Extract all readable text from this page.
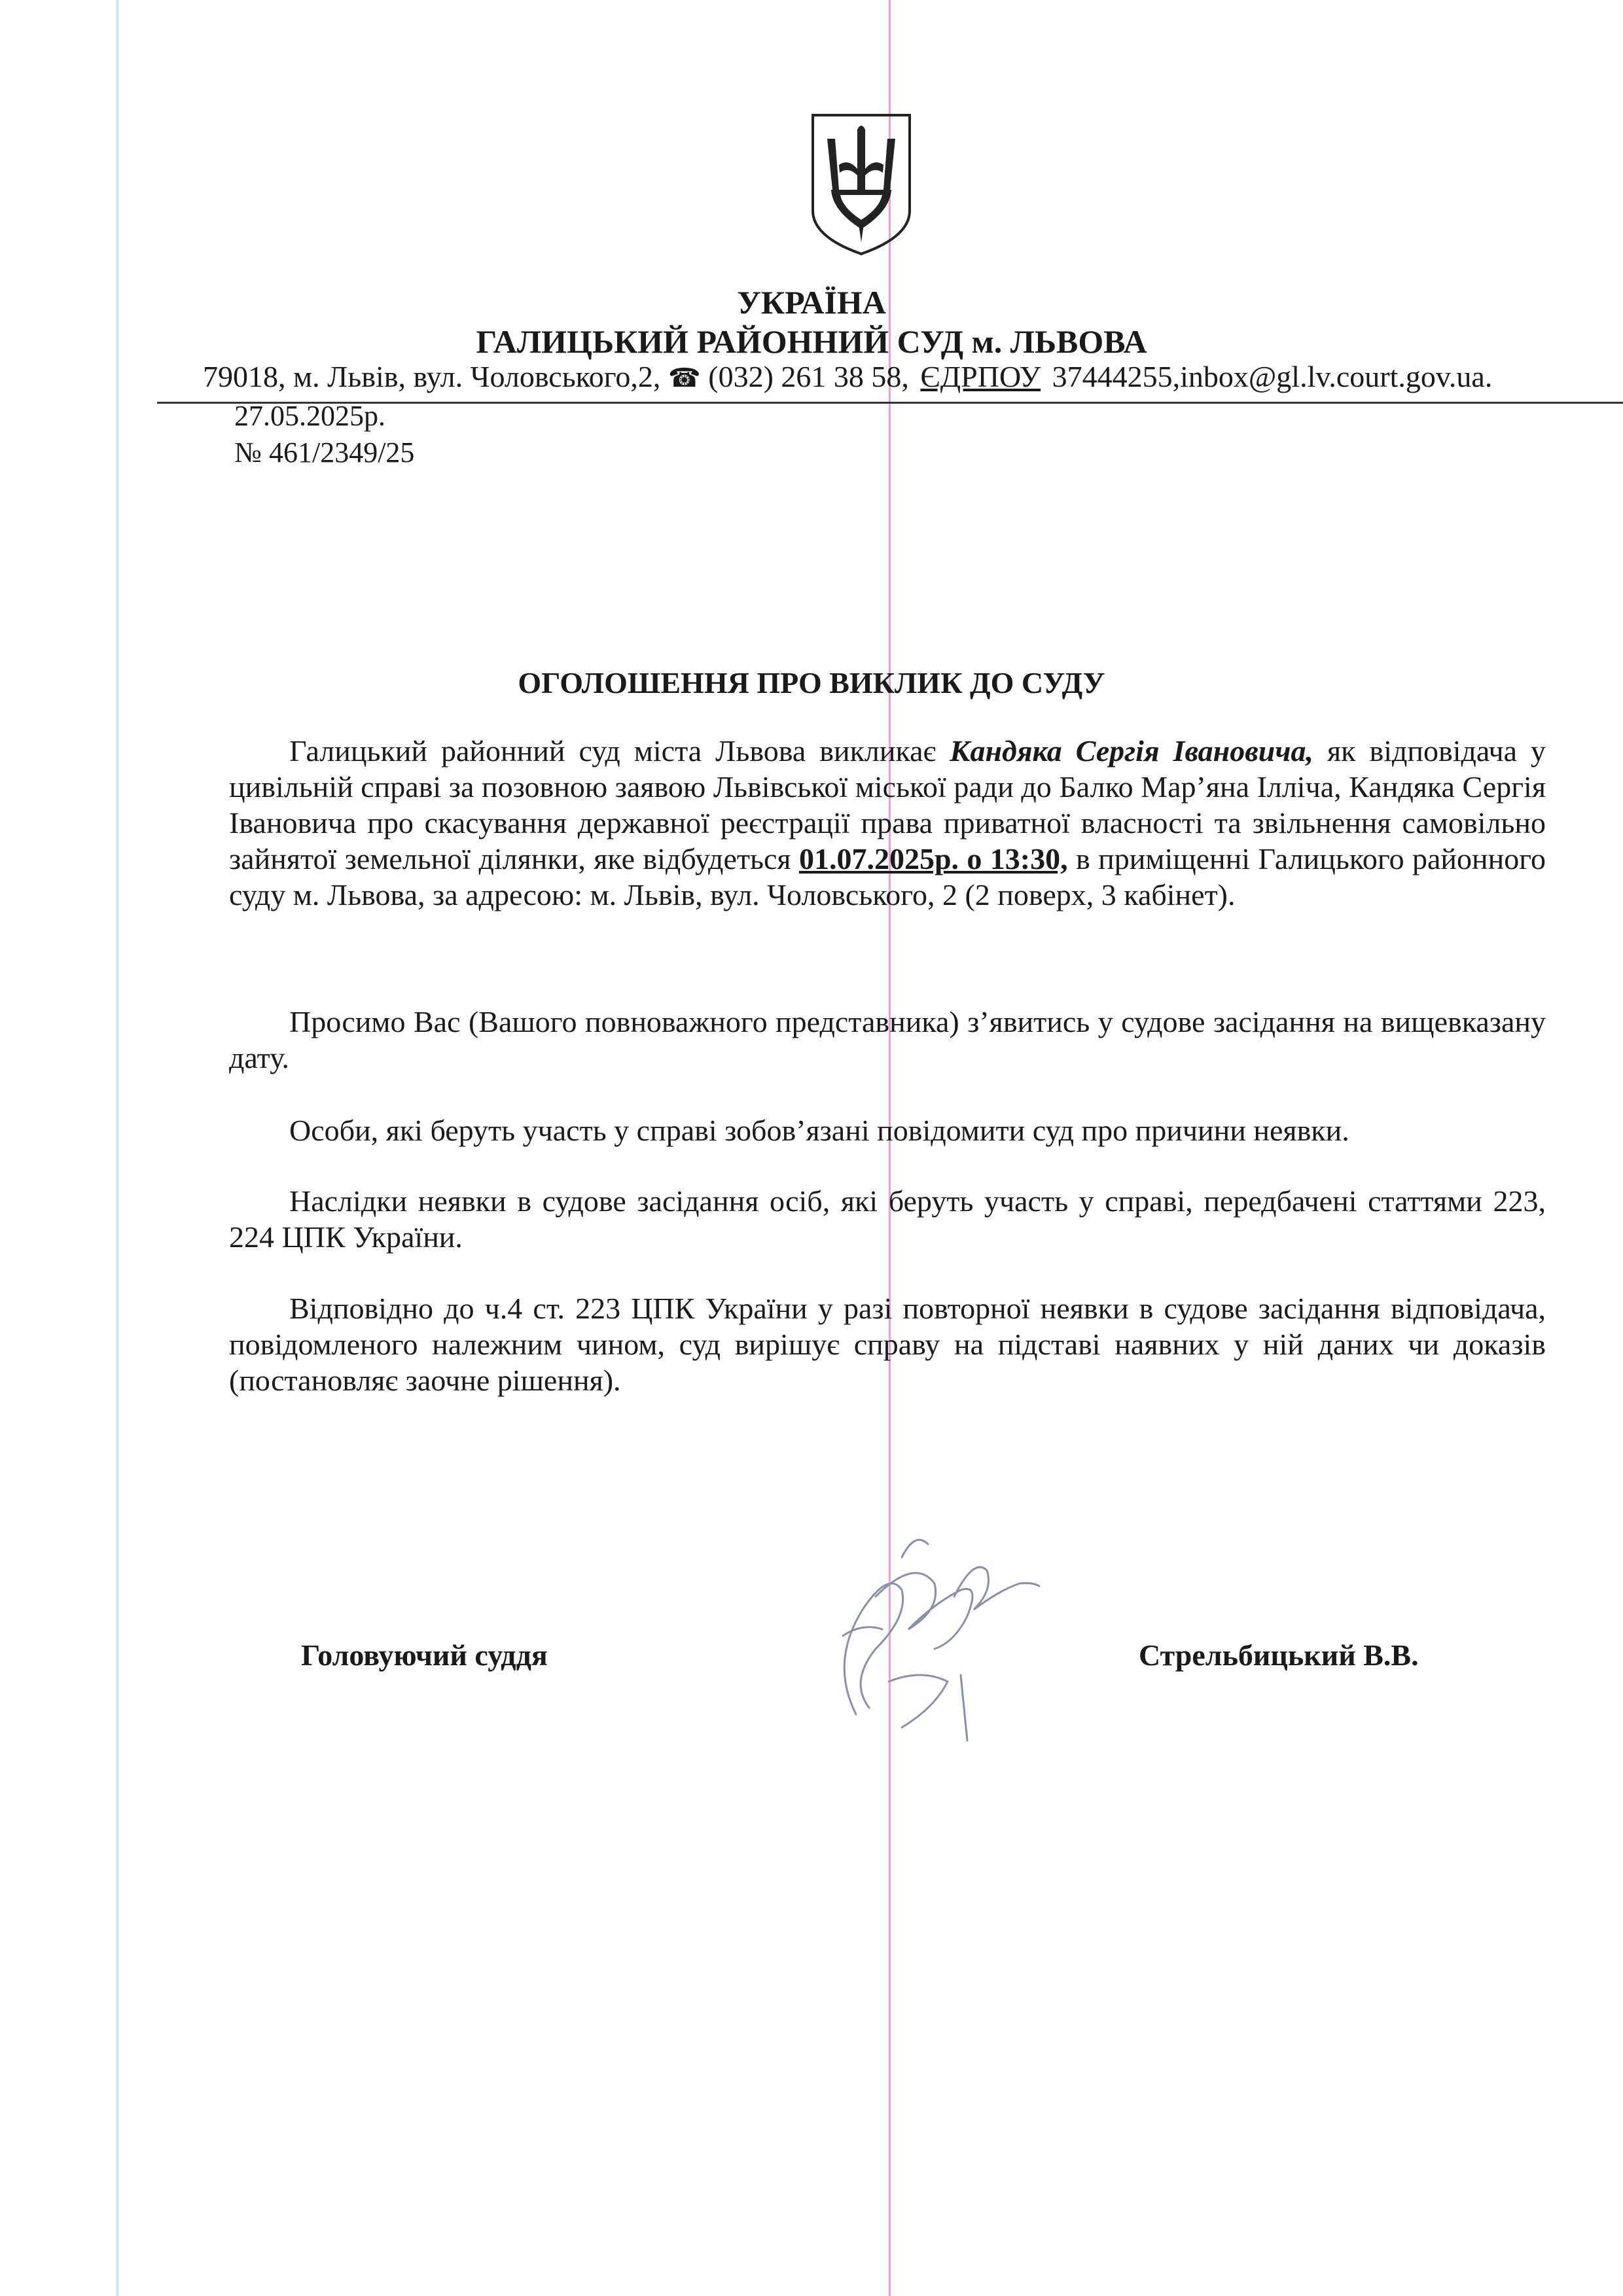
УКРАЇНА
ГАЛИЦЬКИЙ РАЙОННИЙ СУД м. ЛЬВОВА
79018, м. Львів, вул. Чоловського,2, ☎ (032) 261 38 58, ЄДРПОУ 37444255,inbox@gl.lv.court.gov.ua.
27.05.2025р.
№ 461/2349/25
ОГОЛОШЕННЯ ПРО ВИКЛИК ДО СУДУ
Галицький районний суд міста Львова викликає Кандяка Сергія Івановича, як відповідача у цивільній справі за позовною заявою Львівської міської ради до Балко Мар’яна Ілліча, Кандяка Сергія Івановича про скасування державної реєстрації права приватної власності та звільнення самовільно зайнятої земельної ділянки, яке відбудеться 01.07.2025р. о 13:30, в приміщенні Галицького районного суду м. Львова, за адресою: м. Львів, вул. Чоловського, 2 (2 поверх, 3 кабінет).
Просимо Вас (Вашого повноважного представника) з’явитись у судове засідання на вищевказану дату.
Особи, які беруть участь у справі зобов’язані повідомити суд про причини неявки.
Наслідки неявки в судове засідання осіб, які беруть участь у справі, передбачені статтями 223, 224 ЦПК України.
Відповідно до ч.4 ст. 223 ЦПК України у разі повторної неявки в судове засідання відповідача, повідомленого належним чином, суд вирішує справу на підставі наявних у ній даних чи доказів (постановляє заочне рішення).
Головуючий суддя	Стрельбицький В.В.
